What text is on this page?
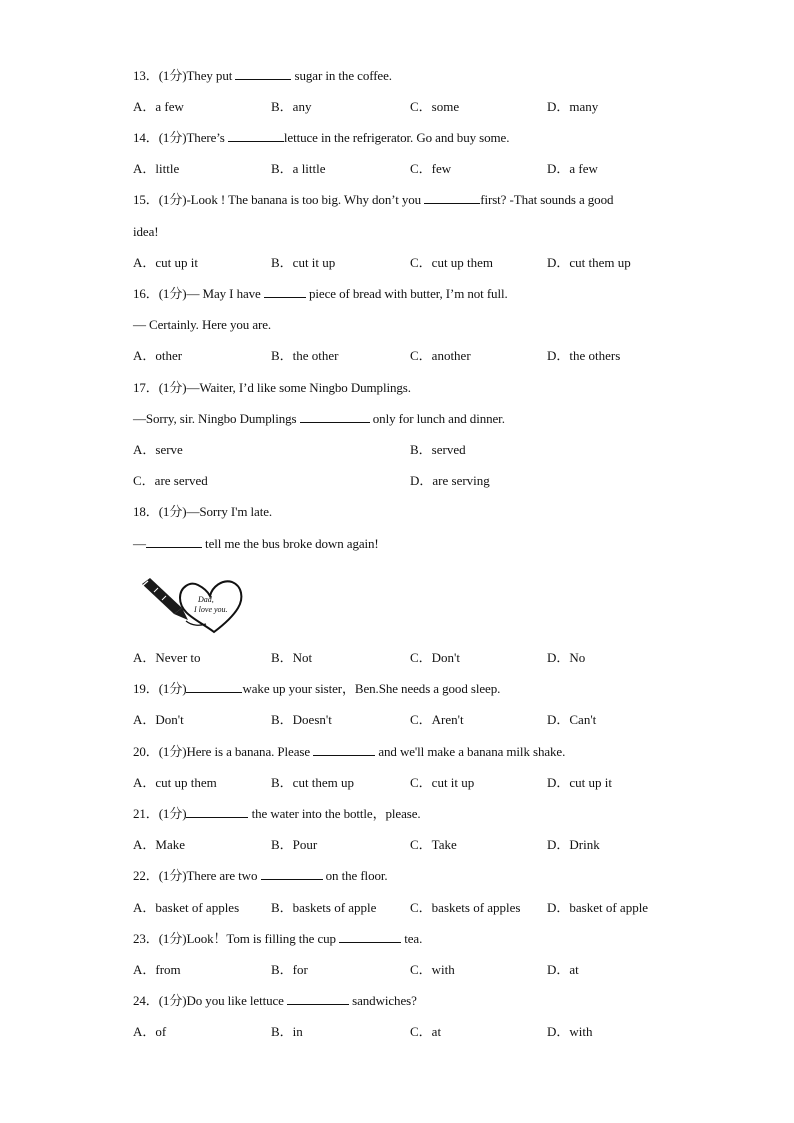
13．(1分)They put	sugar in the coffee.
A．a few	B．any	C．some	D．many
14．(1分)There’s	lettuce in the refrigerator. Go and buy some.
A．little	B．a little	C．few	D．a few
15．(1分)-Look ! The banana is too big. Why don’t you	first? -That sounds a good
idea!
A．cut up it	B．cut it up	C．cut up them	D．cut them up
16．(1分)— May I have	piece of bread with butter, I’m not full.
— Certainly. Here you are.
A．other	B．the other	C．another	D．the others
17．(1分)—Waiter, I’d like some Ningbo Dumplings.
—Sorry, sir. Ningbo Dumplings	only for lunch and dinner.
A．serve	B．served
C．are served	D．are serving
18．(1分)—Sorry I'm late.
—	tell me the bus broke down again!
Dad,
I love you.
A．Never to	B．Not	C．Don't	D．No
19．(1分)	wake up your sister，Ben.She needs a good sleep.
A．Don't	B．Doesn't	C．Aren't	D．Can't
20．(1分)Here is a banana. Please	and we'll make a banana milk shake.
A．cut up them	B．cut them up	C．cut it up	D．cut up it
21．(1分)	the water into the bottle，please.
A．Make	B．Pour	C．Take	D．Drink
22．(1分)There are two	on the floor.
A．basket of apples B．baskets of apple	C．baskets of apples D．basket of apple
23．(1分)Look！Tom is filling the cup	tea.
A．from	B．for	C．with	D．at
24．(1分)Do you like lettuce	sandwiches?
A．of	B．in	C．at	D．with
